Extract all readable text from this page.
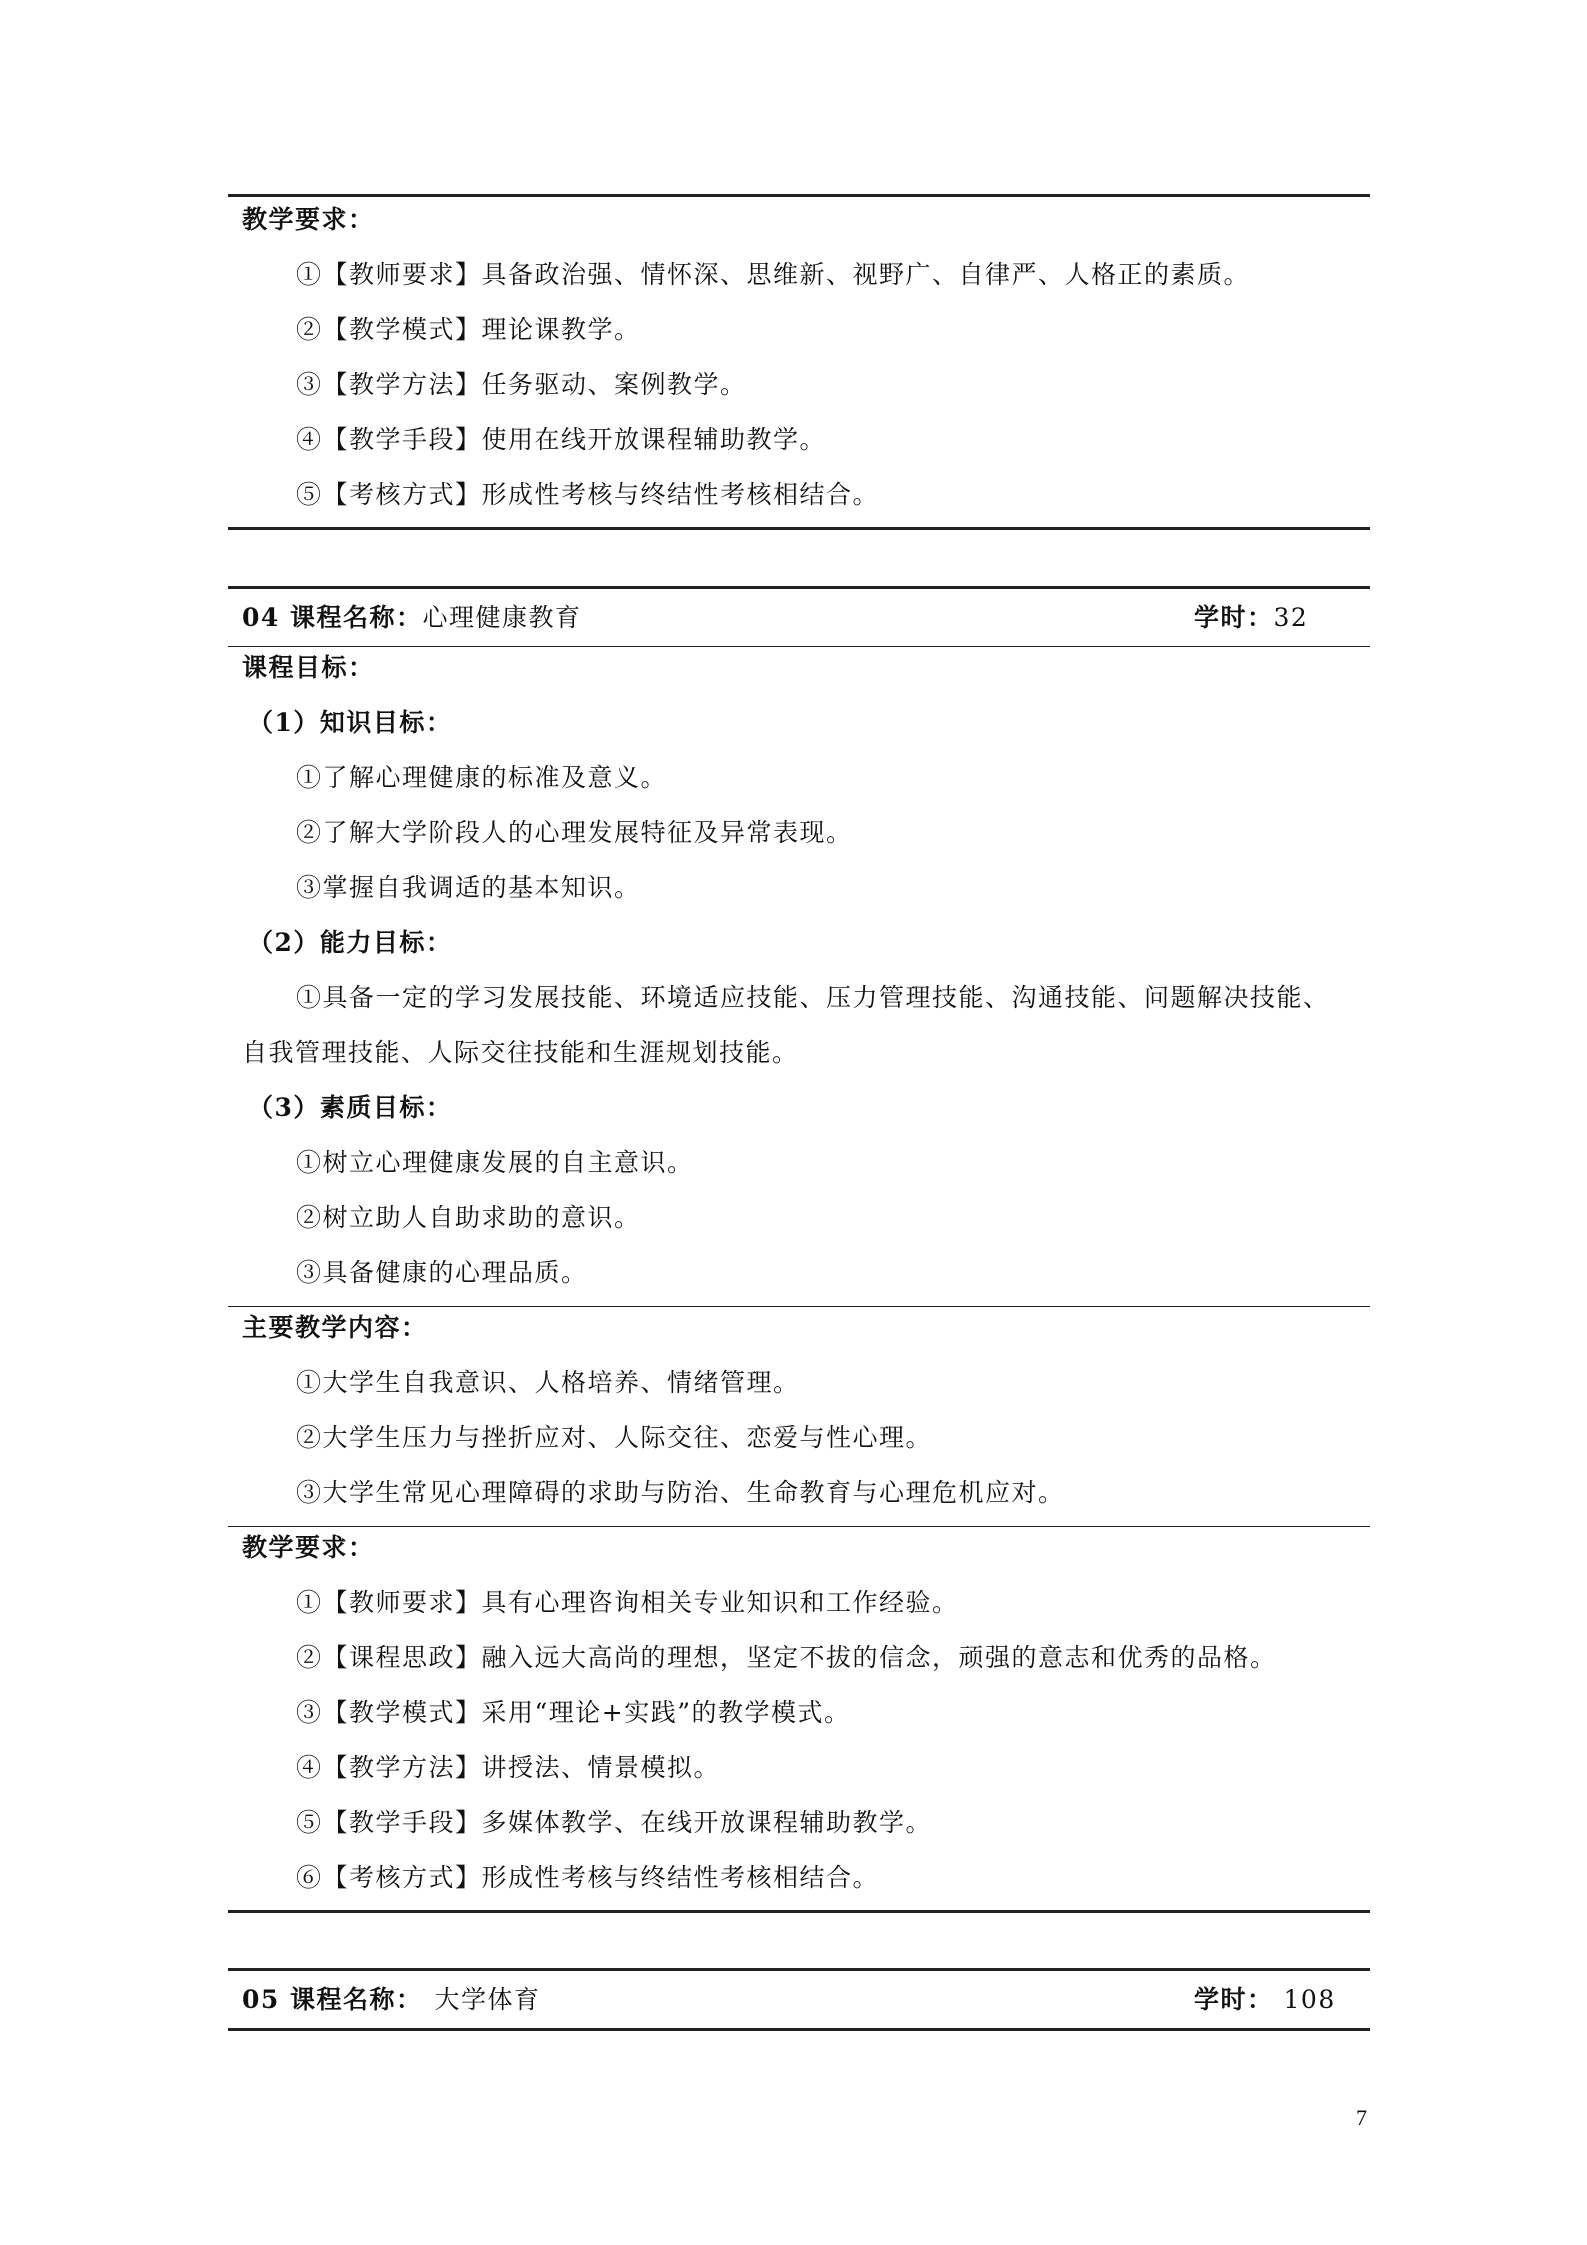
教学要求：
①【教师要求】具备政治强、情怀深、思维新、视野广、自律严、人格正的素质。
②【教学模式】理论课教学。
③【教学方法】任务驱动、案例教学。
④【教学手段】使用在线开放课程辅助教学。
⑤【考核方式】形成性考核与终结性考核相结合。
04 课程名称：心理健康教育	学时：32
课程目标：
（1）知识目标：
①了解心理健康的标准及意义。
②了解大学阶段人的心理发展特征及异常表现。
③掌握自我调适的基本知识。
（2）能力目标：
①具备一定的学习发展技能、环境适应技能、压力管理技能、沟通技能、问题解决技能、
自我管理技能、人际交往技能和生涯规划技能。
（3）素质目标：
①树立心理健康发展的自主意识。
②树立助人自助求助的意识。
③具备健康的心理品质。
主要教学内容：
①大学生自我意识、人格培养、情绪管理。
②大学生压力与挫折应对、人际交往、恋爱与性心理。
③大学生常见心理障碍的求助与防治、生命教育与心理危机应对。
教学要求：
①【教师要求】具有心理咨询相关专业知识和工作经验。
②【课程思政】融入远大高尚的理想，坚定不拔的信念，顽强的意志和优秀的品格。
③【教学模式】采用“理论+实践”的教学模式。
④【教学方法】讲授法、情景模拟。
⑤【教学手段】多媒体教学、在线开放课程辅助教学。
⑥【考核方式】形成性考核与终结性考核相结合。
05 课程名称： 大学体育	学时： 108
7
